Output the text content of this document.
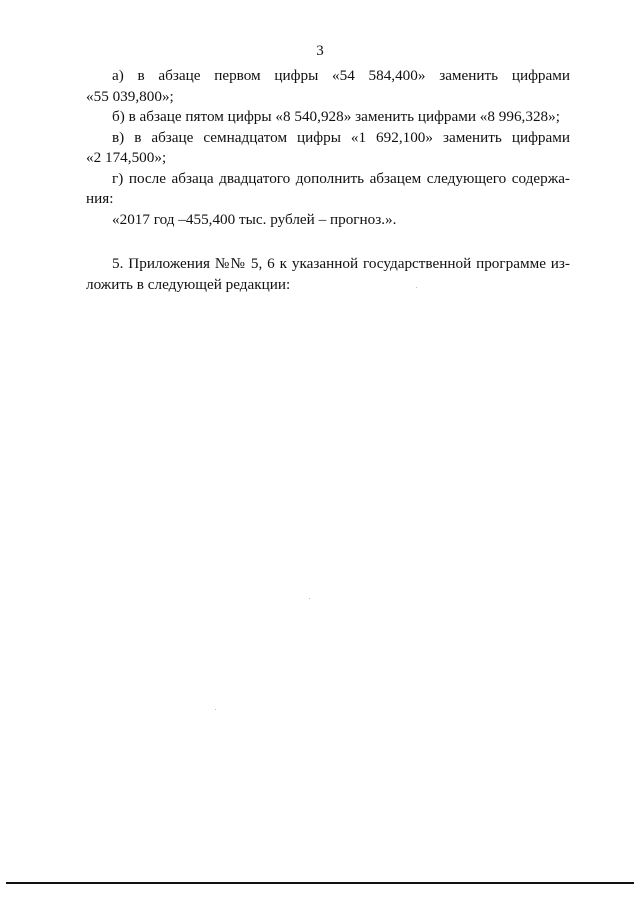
3

а) в абзаце первом цифры «54 584,400» заменить цифрами

«55 039,800»;

б) в абзаце пятом цифры «8 540,928» заменить цифрами «8 996,328»;

в) в абзаце семнадцатом цифры «1 692,100» заменить цифрами

«2 174,500»;

г) после абзаца двадцатого дополнить абзацем следующего содержа-

ния:

«2017 год –455,400 тыс. рублей – прогноз.».

5. Приложения №№ 5, 6 к указанной государственной программе из-

ложить в следующей редакции:
